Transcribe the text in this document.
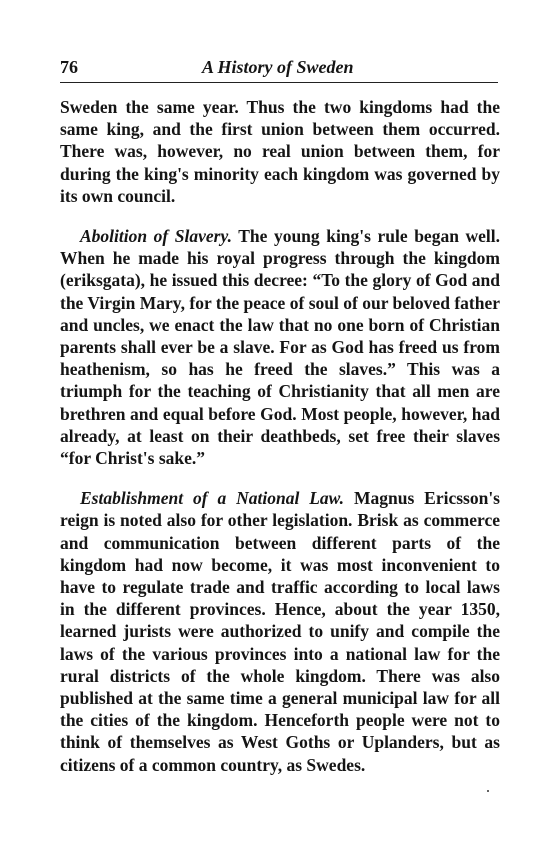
76	A History of Sweden

Sweden the same year. Thus the two kingdoms had the same king, and the first union between them occurred. There was, however, no real union between them, for during the king's minority each kingdom was governed by its own council.

Abolition of Slavery. The young king's rule began well. When he made his royal progress through the kingdom (eriksgata), he issued this decree: “To the glory of God and the Virgin Mary, for the peace of soul of our beloved father and uncles, we enact the law that no one born of Christian parents shall ever be a slave. For as God has freed us from heathenism, so has he freed the slaves.” This was a triumph for the teaching of Christianity that all men are brethren and equal before God. Most people, however, had already, at least on their deathbeds, set free their slaves “for Christ's sake.”

Establishment of a National Law. Magnus Ericsson's reign is noted also for other legislation. Brisk as commerce and communication between different parts of the kingdom had now become, it was most inconvenient to have to regulate trade and traffic according to local laws in the different provinces. Hence, about the year 1350, learned jurists were authorized to unify and compile the laws of the various provinces into a national law for the rural districts of the whole kingdom. There was also published at the same time a general municipal law for all the cities of the kingdom. Henceforth people were not to think of themselves as West Goths or Uplanders, but as citizens of a common country, as Swedes.
